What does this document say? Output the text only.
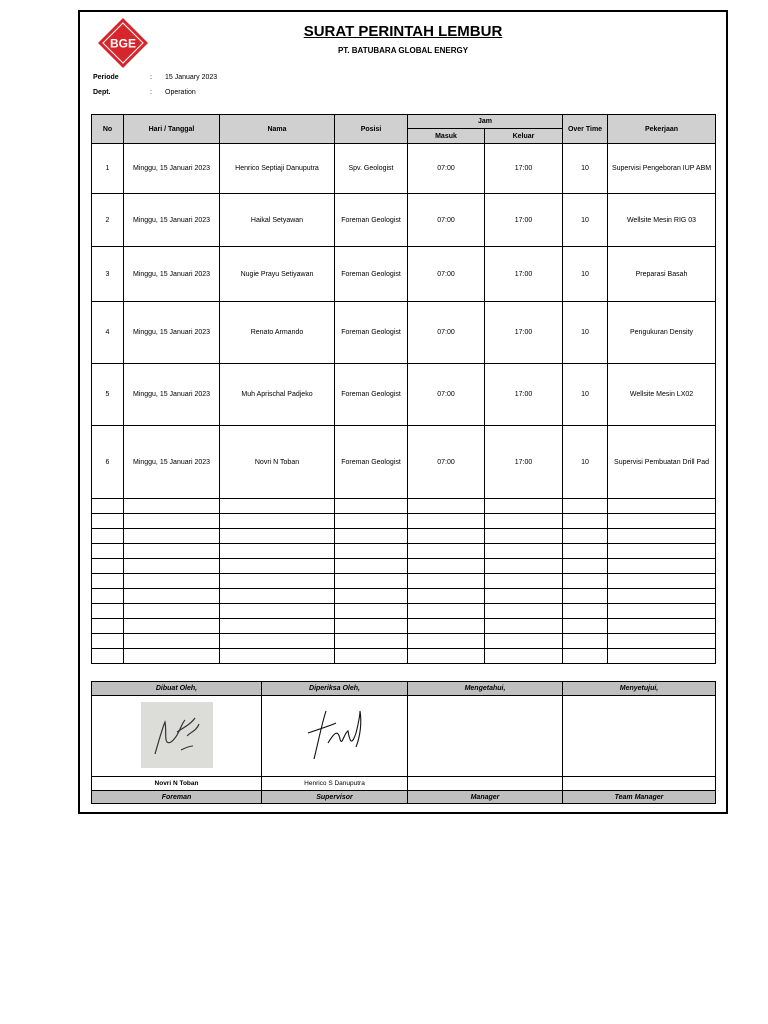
BGE
SURAT PERINTAH LEMBUR
PT. BATUBARA GLOBAL ENERGY
Periode	: 15 January 2023
Dept.	: Operation
No	Hari / Tanggal	Nama	Posisi	Jam		Over Time	Pekerjaan
				Masuk	Keluar		
1	Minggu, 15 Januari 2023	Henrico Septiaji Danuputra	Spv. Geologist	07:00	17:00	10	Supervisi Pengeboran IUP ABM
2	Minggu, 15 Januari 2023	Haikal Setyawan	Foreman Geologist	07:00	17:00	10	Wellsite Mesin RIG 03
3	Minggu, 15 Januari 2023	Nugie Prayu Setiyawan	Foreman Geologist	07:00	17:00	10	Preparasi Basah
4	Minggu, 15 Januari 2023	Renato Armando	Foreman Geologist	07:00	17:00	10	Pengukuran Density
5	Minggu, 15 Januari 2023	Muh Aprischal Padjeko	Foreman Geologist	07:00	17:00	10	Wellsite Mesin LX02
6	Minggu, 15 Januari 2023	Novri N Toban	Foreman Geologist	07:00	17:00	10	Supervisi Pembuatan Drill Pad

Dibuat Oleh,	Diperiksa Oleh,	Mengetahui,	Menyetujui,

Novri N Toban	Henrico S Danuputra		
Foreman	Supervisor	Manager	Team Manager
